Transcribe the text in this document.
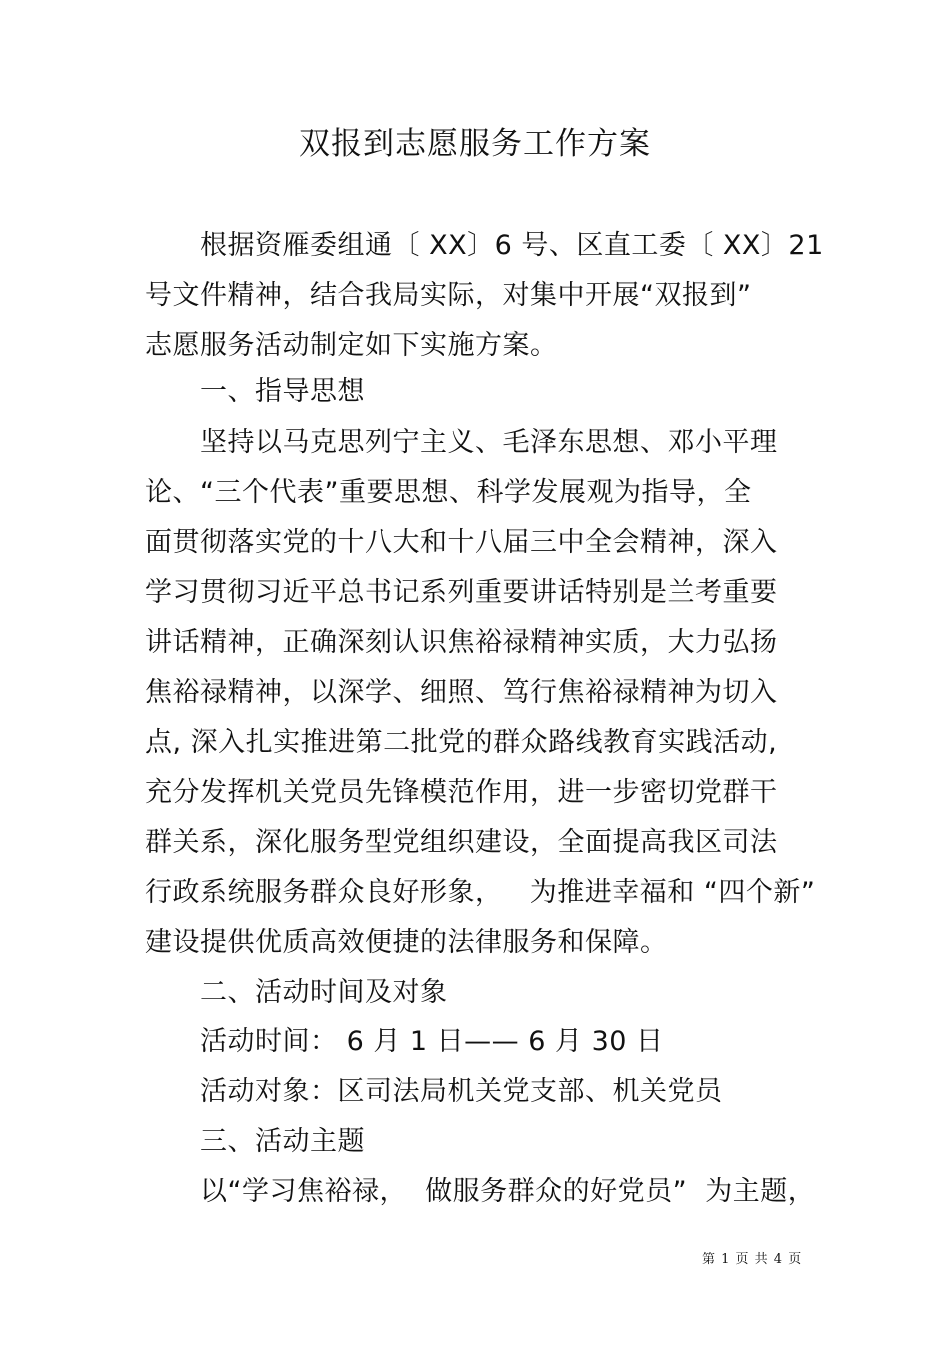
双报到志愿服务工作方案
根据资雁委组通〔 XX〕6 号、区直工委〔 XX〕21
号文件精神，结合我局实际，对集中开展“双报到”
志愿服务活动制定如下实施方案。
一、指导思想
坚持以马克思列宁主义、毛泽东思想、邓小平理
论、“三个代表”重要思想、科学发展观为指导，全
面贯彻落实党的十八大和十八届三中全会精神，深入
学习贯彻习近平总书记系列重要讲话特别是兰考重要
讲话精神，正确深刻认识焦裕禄精神实质，大力弘扬
焦裕禄精神，以深学、细照、笃行焦裕禄精神为切入
点, 深入扎实推进第二批党的群众路线教育实践活动,
充分发挥机关党员先锋模范作用，进一步密切党群干
群关系，深化服务型党组织建设，全面提高我区司法
行政系统服务群众良好形象，   为推进幸福和 “四个新”
建设提供优质高效便捷的法律服务和保障。
二、活动时间及对象
活动时间： 6 月 1 日—— 6 月 30 日
活动对象：区司法局机关党支部、机关党员
三、活动主题
以“学习焦裕禄，  做服务群众的好党员”  为主题，
第 1 页 共 4 页
